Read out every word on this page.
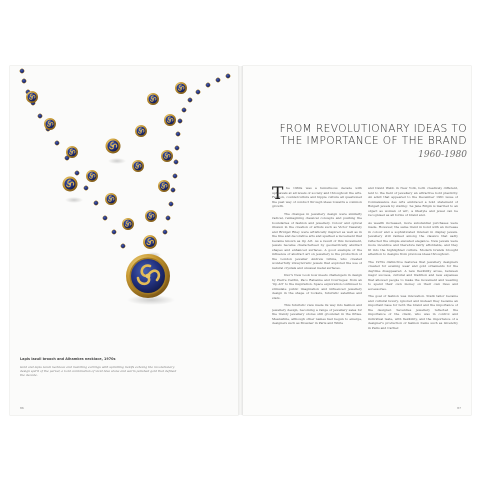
Lapis lazuli brooch and Alhambra necklace, 1970s
Gold and lapis lazuli necklace and matching earrings with spiralling motifs echoing the revolutionary design spirit of the period, a bold combination of vivid blue stone and warm polished gold that defined the decade.
86
FROM REVOLUTIONARY IDEAS TO
THE IMPORTANCE OF THE BRAND
1960-1980
T he 1960s was a tumultuous decade with upheavals at all levels of society and throughout the arts. Fashion, counterculture and hippie culture all questioned the past way of conduct through ideas towards a common growth.

The changes in jewellery design were similarly radical, reimagining classical concepts and pushing the boundaries of fashion and jewellery. Colour and optical illusion in the creation of artists such as Victor Vasarely and Bridget Riley were artistically inspired as well as in the fine and decorative arts and sparked a movement that became known as Op Art. As a result of this movement, jewels became characterised by geometrically abstract shapes and enhanced surfaces. A good example of the influence of abstract art on jewellery is the production of the London jeweller Andrew Grima, who created wonderfully idiosyncratic jewels that explored the use of natural crystals and unusual metal surfaces.

Dior's New Look now meets challengers in design by Pierre Cardin, Paco Rabanne and Courreges: from an 'Op Art' to the inspiration. Space exploration continued to stimulate public imagination and influenced jewellery design in the shape of rockets, futuristic satellites and stars.

This futuristic view made its way into fashion and jewellery design, becoming a range of jewellery sales for the trendy jewellery stores still grounded in the fifties. Meanwhile, although other names had begun to emerge, designers such as Mossner in Paris and White

and David Webb in New York, both creatively different, lent to the field of jewellery an attractive bold plasticity. An adult that appeared to the December 1961 issue of Connaissance des Arts embraced a bold statement of Bulgari jewels by stating: 'As Jane Birgin is married to an object as woman of wit', a lifestyle and jewel can be recognised as all forms of brand and.

As wealth increased, more substantial purchases were made. However, the same trend in bond with an increase in colour and a sophisticated interest in display jewels. Jewellery still ranked among the classics that sadly reflected the simple elevated elegance. New jewels were more incentive and therefore fairly affordable, and they fit into the highlighted culture. Modern brands brought attention to designs from previous ideas throughout.

The 1970s distinctive features that jewellery designers created for evening wear and gold ornaments for the daytime disappeared. A new flexibility arose, between major success, cultural and tradition and new expanses that allowed people to make the movement and wearing to spend their own money on their own lives and accessories.

The goal of fashion was innovation. Stark tailor became and cultural luxury, ignored and instead they became an important base for both the brand and the importance of the designer. Seventies jewellery reflected the importance of the client, who was in control and individual taste, with flexibility, and the importance of a designer's production of fashion items such as Givenchy in Paris and Cartier.

87
